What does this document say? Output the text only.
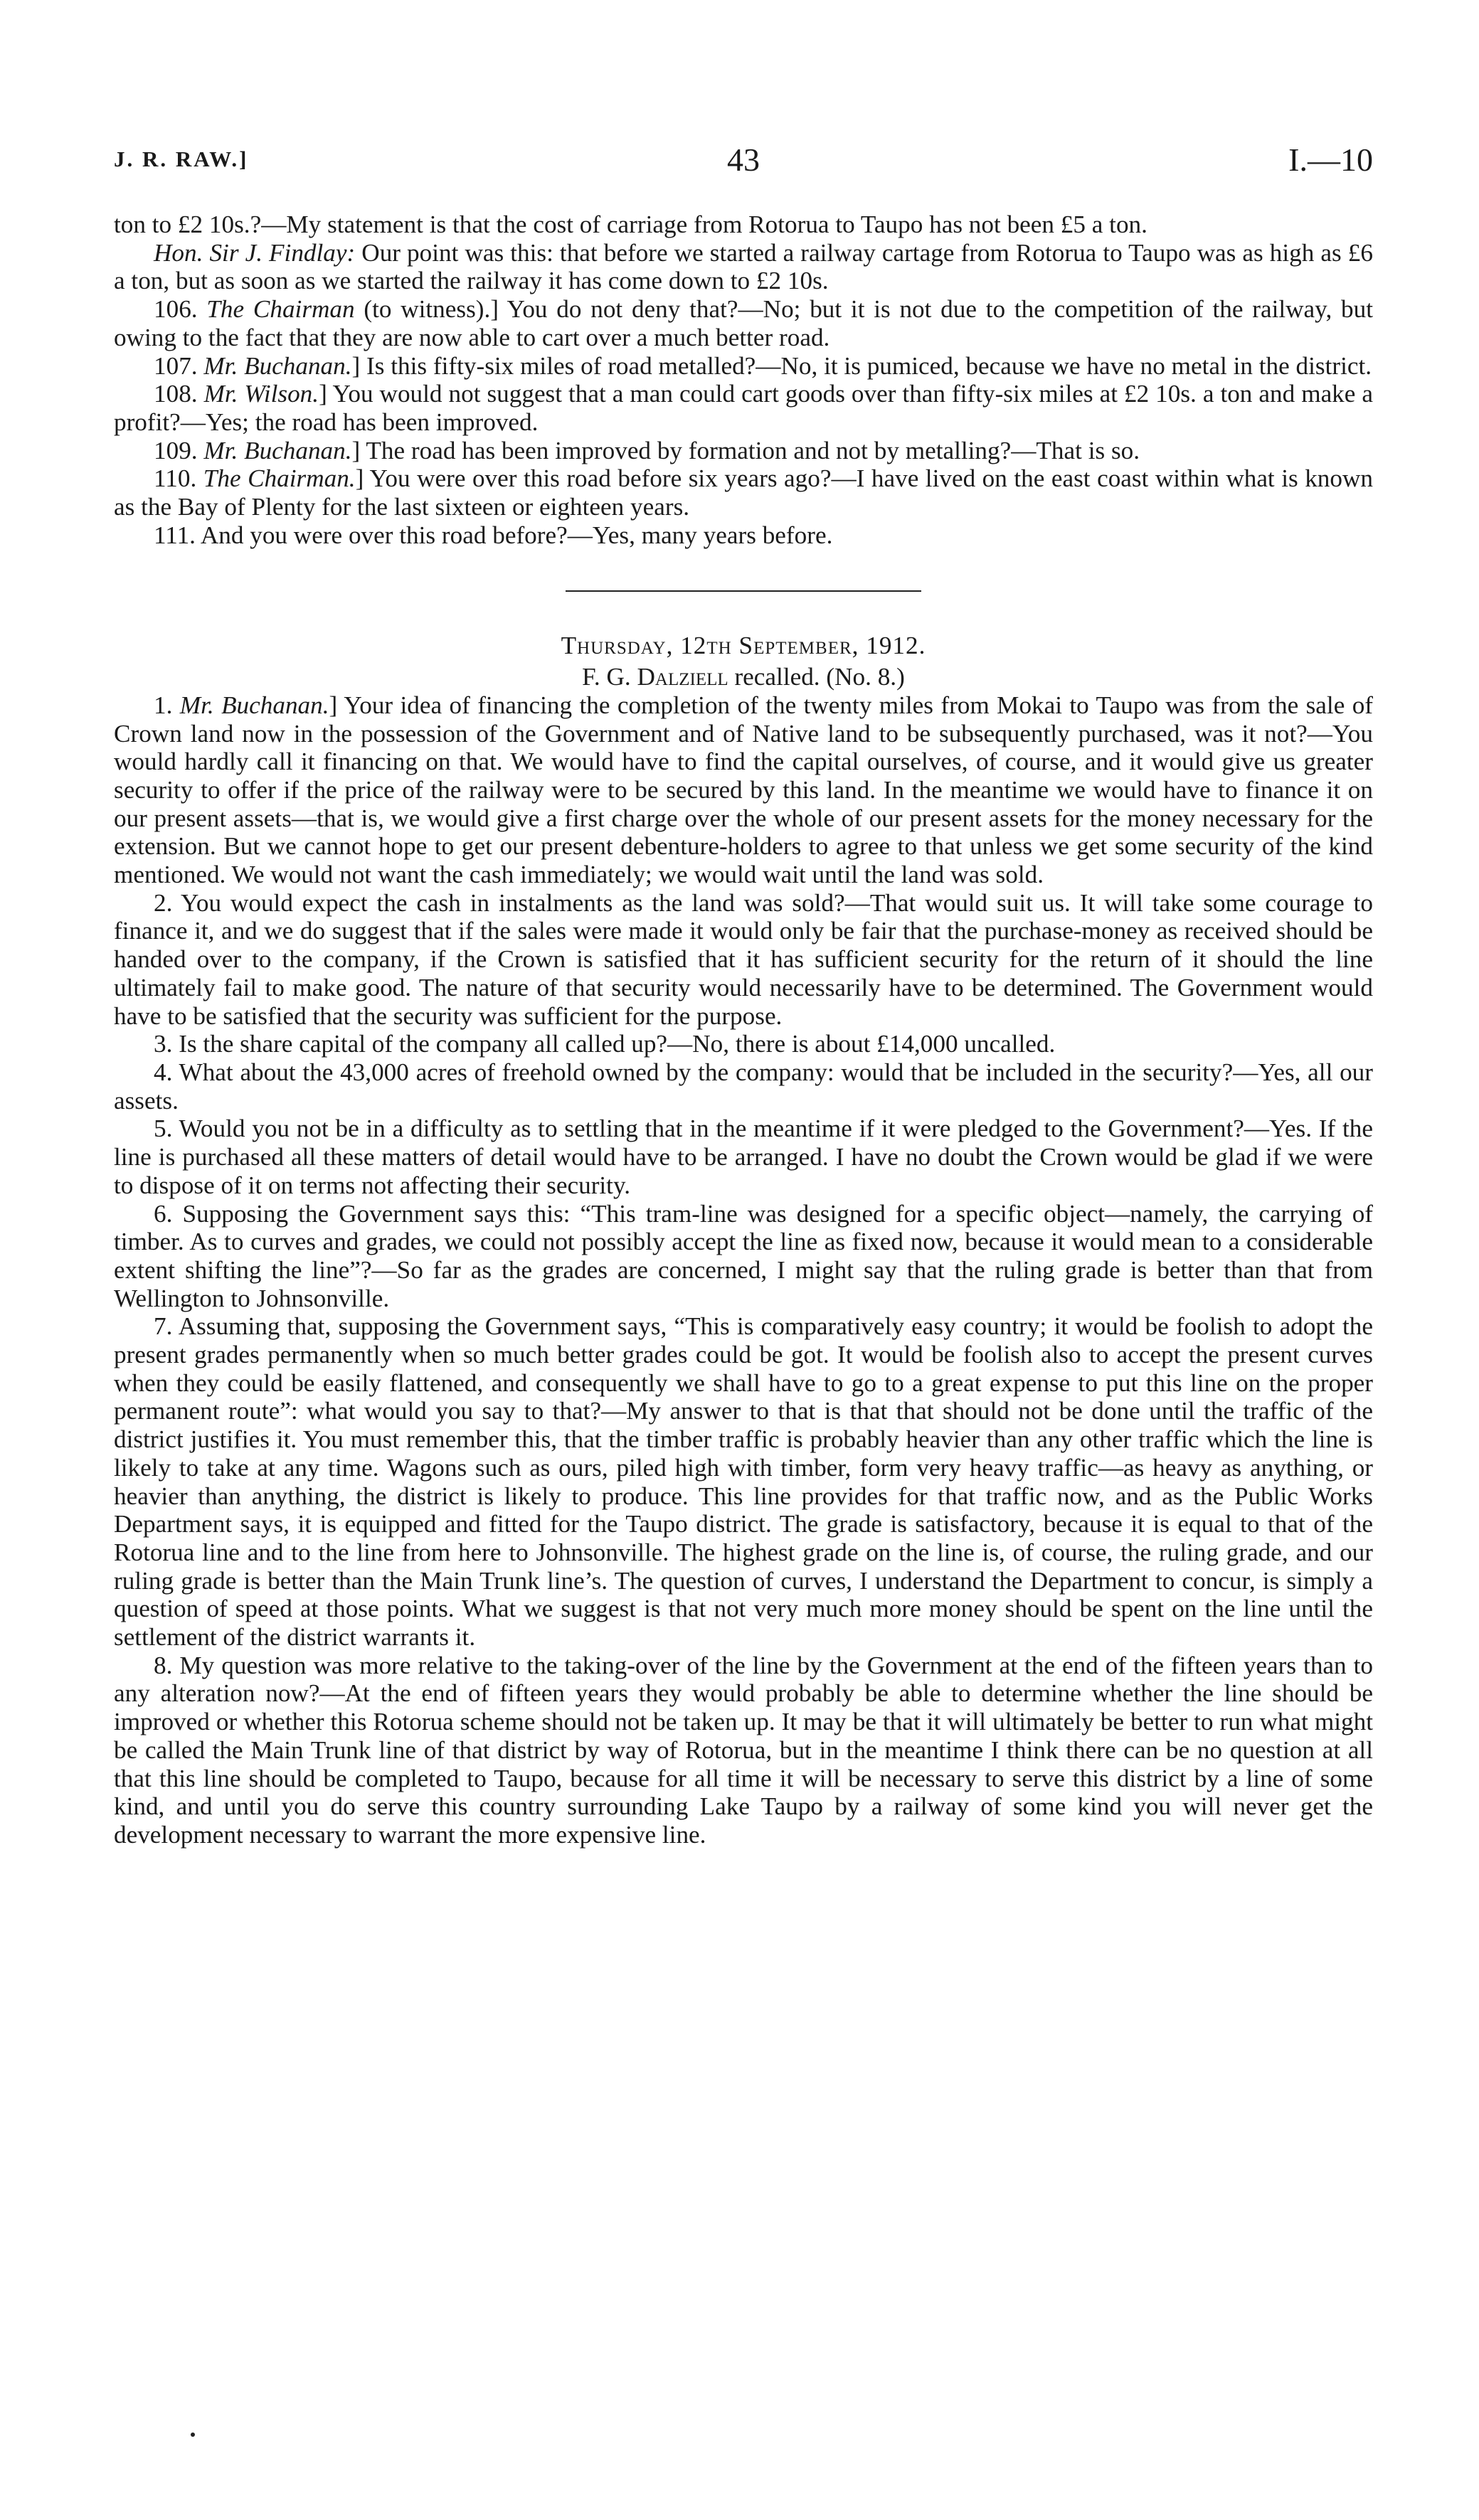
J. R. RAW.]	43	I.—10

ton to £2 10s.?—My statement is that the cost of carriage from Rotorua to Taupo has not been £5 a ton.

Hon. Sir J. Findlay: Our point was this: that before we started a railway cartage from Rotorua to Taupo was as high as £6 a ton, but as soon as we started the railway it has come down to £2 10s.

106. The Chairman (to witness).] You do not deny that?—No; but it is not due to the competition of the railway, but owing to the fact that they are now able to cart over a much better road.

107. Mr. Buchanan.] Is this fifty-six miles of road metalled?—No, it is pumiced, because we have no metal in the district.

108. Mr. Wilson.] You would not suggest that a man could cart goods over than fifty-six miles at £2 10s. a ton and make a profit?—Yes; the road has been improved.

109. Mr. Buchanan.] The road has been improved by formation and not by metalling?—That is so.

110. The Chairman.] You were over this road before six years ago?—I have lived on the east coast within what is known as the Bay of Plenty for the last sixteen or eighteen years.

111. And you were over this road before?—Yes, many years before.

Thursday, 12th September, 1912.
F. G. Dalziell recalled. (No. 8.)

1. Mr. Buchanan.] Your idea of financing the completion of the twenty miles from Mokai to Taupo was from the sale of Crown land now in the possession of the Government and of Native land to be subsequently purchased, was it not?—You would hardly call it financing on that. We would have to find the capital ourselves, of course, and it would give us greater security to offer if the price of the railway were to be secured by this land. In the meantime we would have to finance it on our present assets—that is, we would give a first charge over the whole of our present assets for the money necessary for the extension. But we cannot hope to get our present debenture-holders to agree to that unless we get some security of the kind mentioned. We would not want the cash immediately; we would wait until the land was sold.

2. You would expect the cash in instalments as the land was sold?—That would suit us. It will take some courage to finance it, and we do suggest that if the sales were made it would only be fair that the purchase-money as received should be handed over to the company, if the Crown is satisfied that it has sufficient security for the return of it should the line ultimately fail to make good. The nature of that security would necessarily have to be determined. The Government would have to be satisfied that the security was sufficient for the purpose.

3. Is the share capital of the company all called up?—No, there is about £14,000 uncalled.

4. What about the 43,000 acres of freehold owned by the company: would that be included in the security?—Yes, all our assets.

5. Would you not be in a difficulty as to settling that in the meantime if it were pledged to the Government?—Yes. If the line is purchased all these matters of detail would have to be arranged. I have no doubt the Crown would be glad if we were to dispose of it on terms not affecting their security.

6. Supposing the Government says this: “This tram-line was designed for a specific object—namely, the carrying of timber. As to curves and grades, we could not possibly accept the line as fixed now, because it would mean to a considerable extent shifting the line”?—So far as the grades are concerned, I might say that the ruling grade is better than that from Wellington to Johnsonville.

7. Assuming that, supposing the Government says, “This is comparatively easy country; it would be foolish to adopt the present grades permanently when so much better grades could be got. It would be foolish also to accept the present curves when they could be easily flattened, and consequently we shall have to go to a great expense to put this line on the proper permanent route”: what would you say to that?—My answer to that is that that should not be done until the traffic of the district justifies it. You must remember this, that the timber traffic is probably heavier than any other traffic which the line is likely to take at any time. Wagons such as ours, piled high with timber, form very heavy traffic—as heavy as anything, or heavier than anything, the district is likely to produce. This line provides for that traffic now, and as the Public Works Department says, it is equipped and fitted for the Taupo district. The grade is satisfactory, because it is equal to that of the Rotorua line and to the line from here to Johnsonville. The highest grade on the line is, of course, the ruling grade, and our ruling grade is better than the Main Trunk line’s. The question of curves, I understand the Department to concur, is simply a question of speed at those points. What we suggest is that not very much more money should be spent on the line until the settlement of the district warrants it.

8. My question was more relative to the taking-over of the line by the Government at the end of the fifteen years than to any alteration now?—At the end of fifteen years they would probably be able to determine whether the line should be improved or whether this Rotorua scheme should not be taken up. It may be that it will ultimately be better to run what might be called the Main Trunk line of that district by way of Rotorua, but in the meantime I think there can be no question at all that this line should be completed to Taupo, because for all time it will be necessary to serve this district by a line of some kind, and until you do serve this country surrounding Lake Taupo by a railway of some kind you will never get the development necessary to warrant the more expensive line.
